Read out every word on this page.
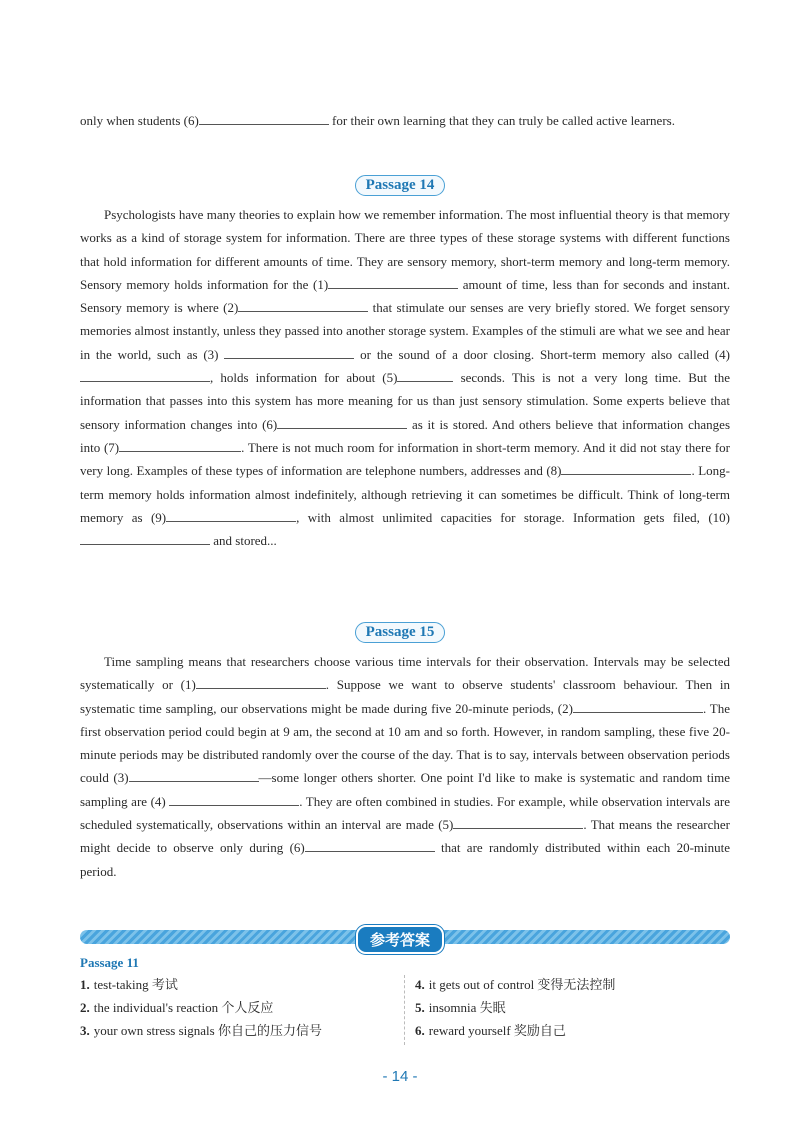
only when students (6)	for their own learning that they can truly be called active learners.

Passage 14

Psychologists have many theories to explain how we remember information. The most influential theory is that memory works as a kind of storage system for information. There are three types of these storage systems with different functions that hold information for different amounts of time. They are sensory memory, short-term memory and long-term memory. Sensory memory holds information for the (1)	amount of time, less than for seconds and instant. Sensory memory is where (2)	that stimulate our senses are very briefly stored. We forget sensory memories almost instantly, unless they passed into another storage system. Examples of the stimuli are what we see and hear in the world, such as (3)	or the sound of a door closing. Short-term memory also called (4), holds information for about (5)	seconds. This is not a very long time. But the information that passes into this system has more meaning for us than just sensory stimulation. Some experts believe that sensory information changes into (6)	as it is stored. And others believe that information changes into (7)	. There is not much room for information in short-term memory. And it did not stay there for very long. Examples of these types of information are telephone numbers, addresses and (8)	. Long-term memory holds information almost indefinitely, although retrieving it can sometimes be difficult. Think of long-term memory as (9)	, with almost unlimited capacities for storage. Information gets filed, (10) and stored...

Passage 15

Time sampling means that researchers choose various time intervals for their observation. Intervals may be selected systematically or (1)	. Suppose we want to observe students' classroom behaviour. Then in systematic time sampling, our observations might be made during five 20-minute periods, (2)	. The first observation period could begin at 9 am, the second at 10 am and so forth. However, in random sampling, these five 20-minute periods may be distributed randomly over the course of the day. That is to say, intervals between observation periods could (3)	—some longer others shorter. One point I'd like to make is systematic and random time sampling are (4)	. They are often combined in studies. For example, while observation intervals are scheduled systematically, observations within an interval are made (5)	. That means the researcher might decide to observe only during (6)	that are randomly distributed within each 20-minute period.

参考答案
Passage 11
1. test-taking 考试
2. the individual's reaction 个人反应
3. your own stress signals 你自己的压力信号
4. it gets out of control 变得无法控制
5. insomnia 失眠
6. reward yourself 奖励自己
- 14 -
